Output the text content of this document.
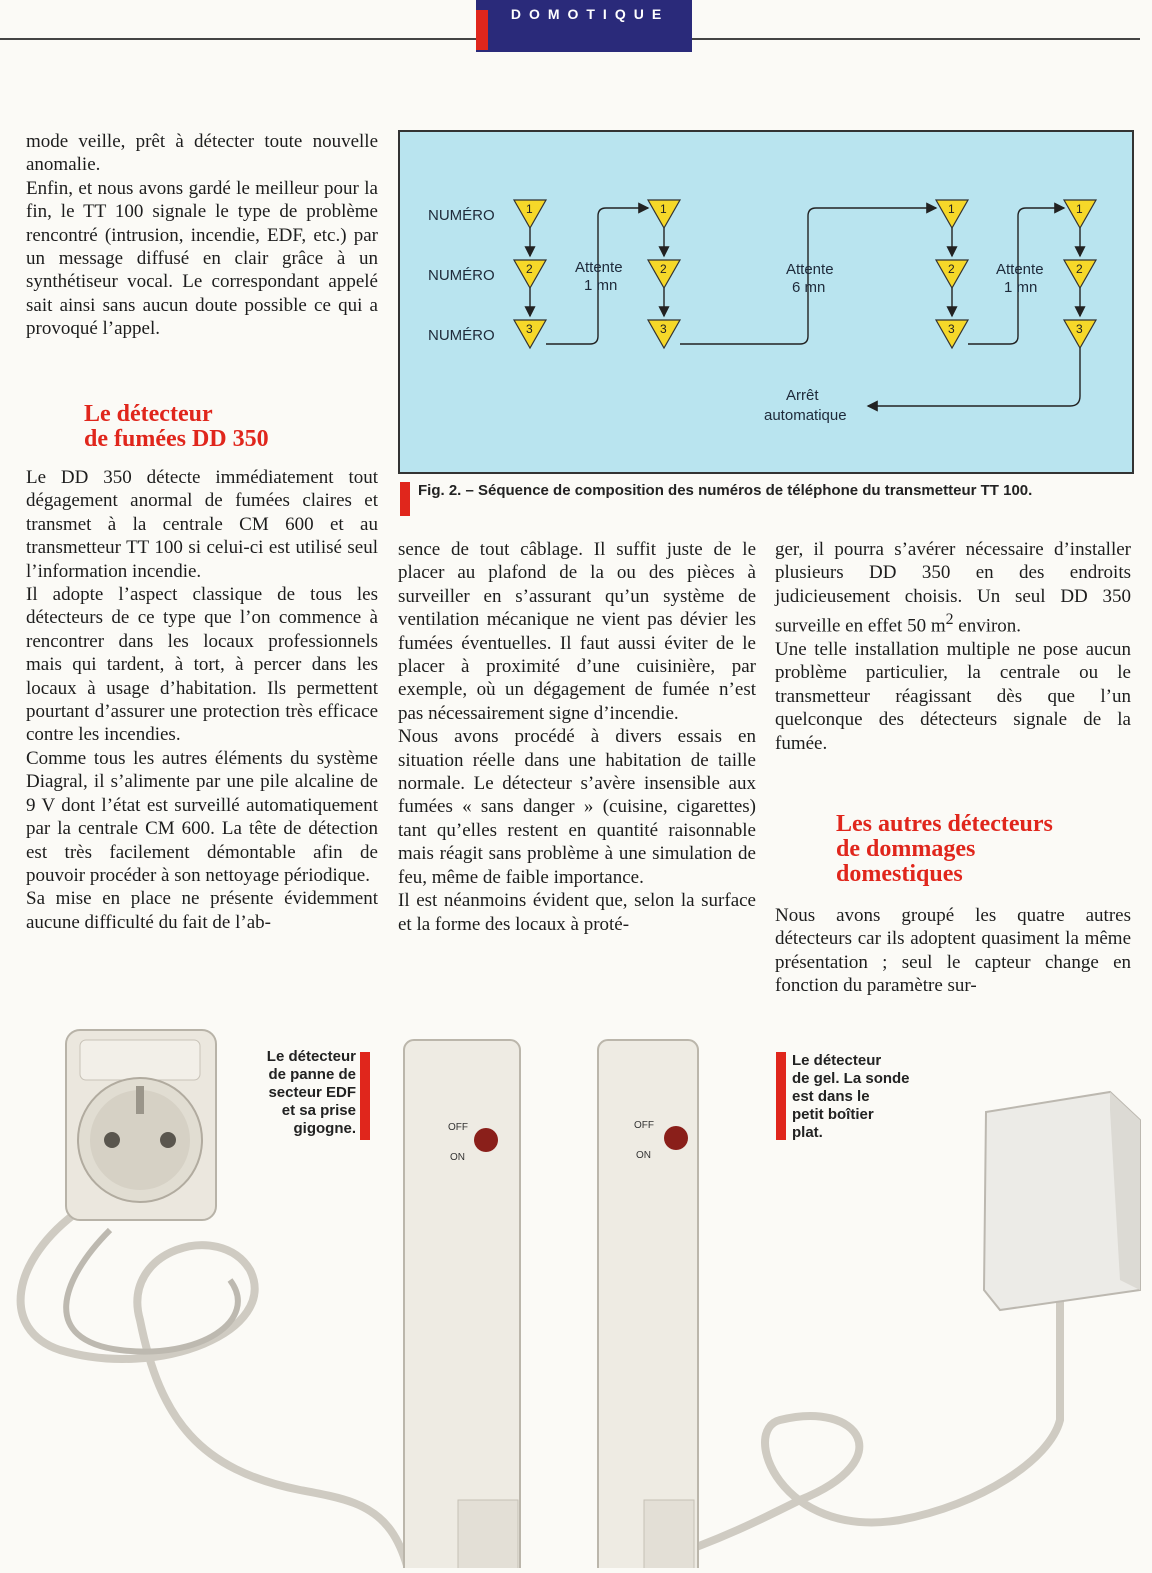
DOMOTIQUE

mode veille, prêt à détecter toute nouvelle anomalie.

Enfin, et nous avons gardé le meilleur pour la fin, le TT 100 signale le type de problème rencontré (intrusion, incendie, EDF, etc.) par un message diffusé en clair grâce à un synthétiseur vocal. Le correspondant appelé sait ainsi sans aucun doute possible ce qui a provoqué l’appel.

Le détecteur
de fumées DD 350

Le DD 350 détecte immédiatement tout dégagement anormal de fumées claires et transmet à la centrale CM 600 et au transmetteur TT 100 si celui-ci est utilisé seul l’information incendie.

Il adopte l’aspect classique de tous les détecteurs de ce type que l’on commence à rencontrer dans les locaux professionnels mais qui tardent, à tort, à percer dans les locaux à usage d’habitation. Ils permettent pourtant d’assurer une protection très efficace contre les incendies.

Comme tous les autres éléments du système Diagral, il s’alimente par une pile alcaline de 9 V dont l’état est surveillé automatiquement par la centrale CM 600. La tête de détection est très facilement démontable afin de pouvoir procéder à son nettoyage périodique.

Sa mise en place ne présente évidemment aucune difficulté du fait de l’ab-

NUMÉRO
NUMÉRO
NUMÉRO
1
2
3
Attente
1 mn
1
2
3
Attente
6 mn
1
2
3
Attente
1 mn
1
2
3
Arrêt
automatique
Fig. 2. – Séquence de composition des numéros de téléphone du transmetteur TT 100.

sence de tout câblage. Il suffit juste de le placer au plafond de la ou des pièces à surveiller en s’assurant qu’un système de ventilation mécanique ne vient pas dévier les fumées éventuelles. Il faut aussi éviter de le placer à proximité d’une cuisinière, par exemple, où un dégagement de fumée n’est pas nécessairement signe d’incendie.

Nous avons procédé à divers essais en situation réelle dans une habitation de taille normale. Le détecteur s’avère insensible aux fumées « sans danger » (cuisine, cigarettes) tant qu’elles restent en quantité raisonnable mais réagit sans problème à une simulation de feu, même de faible importance.

Il est néanmoins évident que, selon la surface et la forme des locaux à proté-

ger, il pourra s’avérer nécessaire d’installer plusieurs DD 350 en des endroits judicieusement choisis. Un seul DD 350 surveille en effet 50 $m^2$ environ.

Une telle installation multiple ne pose aucun problème particulier, la centrale ou le transmetteur réagissant dès que l’un quelconque des détecteurs signale de la fumée.

Les autres détecteurs
de dommages
domestiques

Nous avons groupé les quatre autres détecteurs car ils adoptent quasiment la même présentation ; seul le capteur change en fonction du paramètre sur-

OFF
ON
OFF
ON
Le détecteur
de panne de
secteur EDF
et sa prise
gigogne.
Le détecteur
de gel. La sonde
est dans le
petit boîtier
plat.
